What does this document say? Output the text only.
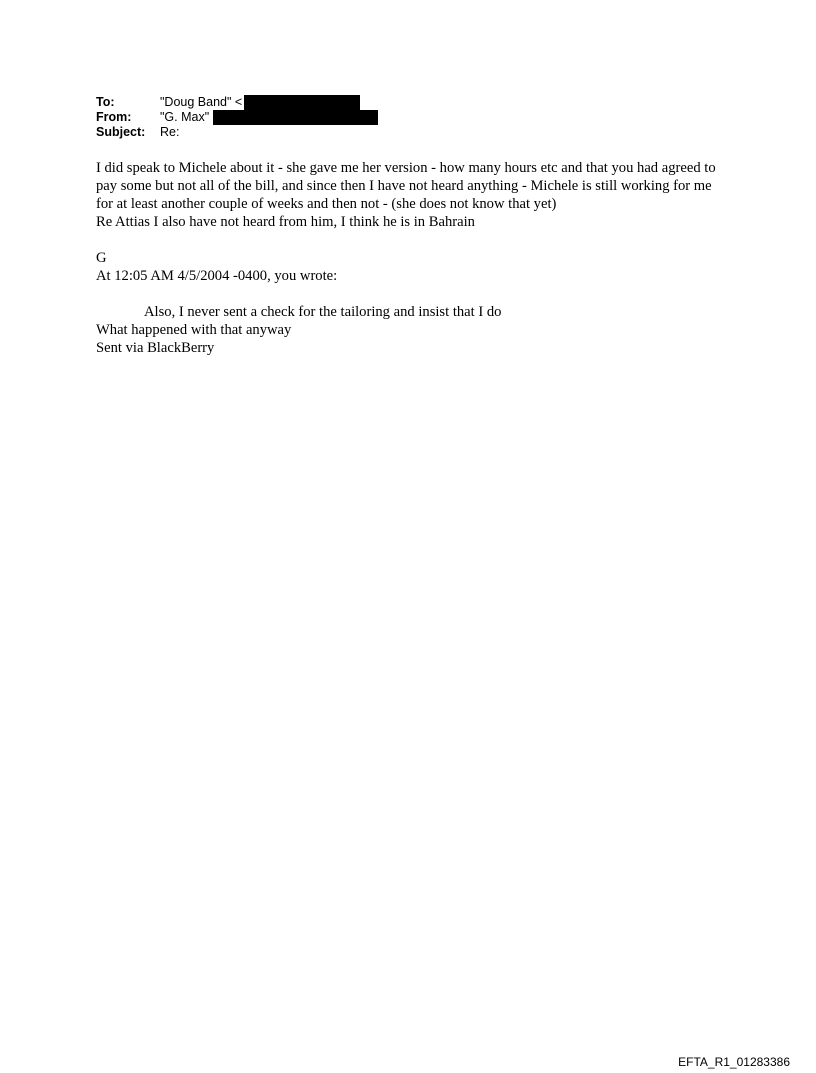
To:	"Doug Band" <
From:	"G. Max"
Subject:	Re:

I did speak to Michele about it - she gave me her version - how many hours etc and that you had agreed to pay some but not all of the bill, and since then I have not heard anything - Michele is still working for me for at least another couple of weeks and then not - (she does not know that yet)

Re Attias I also have not heard from him, I think he is in Bahrain

G

At 12:05 AM 4/5/2004 -0400, you wrote:

Also, I never sent a check for the tailoring and insist that I do

What happened with that anyway

Sent via BlackBerry

EFTA_R1_01283386
